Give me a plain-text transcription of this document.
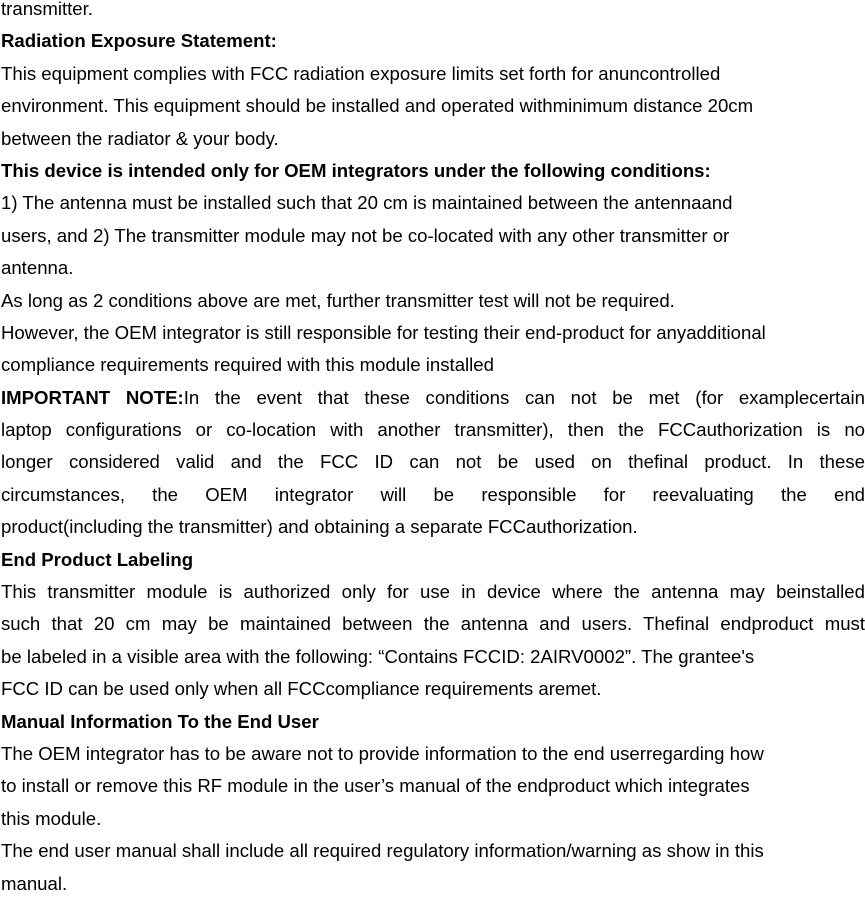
transmitter.
Radiation Exposure Statement:
This equipment complies with FCC radiation exposure limits set forth for anuncontrolled
environment. This equipment should be installed and operated withminimum distance 20cm
between the radiator & your body.
This device is intended only for OEM integrators under the following conditions:
1) The antenna must be installed such that 20 cm is maintained between the antennaand
users, and 2) The transmitter module may not be co-located with any other transmitter or
antenna.
As long as 2 conditions above are met, further transmitter test will not be required.
However, the OEM integrator is still responsible for testing their end-product for anyadditional
compliance requirements required with this module installed
IMPORTANT NOTE:In the event that these conditions can not be met (for examplecertain
laptop configurations or co-location with another transmitter), then the FCCauthorization is no
longer considered valid and the FCC ID can not be used on thefinal product. In these
circumstances, the OEM integrator will be responsible for reevaluating the end
product(including the transmitter) and obtaining a separate FCCauthorization.
End Product Labeling
This transmitter module is authorized only for use in device where the antenna may beinstalled
such that 20 cm may be maintained between the antenna and users. Thefinal endproduct must
be labeled in a visible area with the following: “Contains FCCID: 2AIRV0002”. The grantee's
FCC ID can be used only when all FCCcompliance requirements aremet.
Manual Information To the End User
The OEM integrator has to be aware not to provide information to the end userregarding how
to install or remove this RF module in the user’s manual of the endproduct which integrates
this module.
The end user manual shall include all required regulatory information/warning as show in this
manual.
